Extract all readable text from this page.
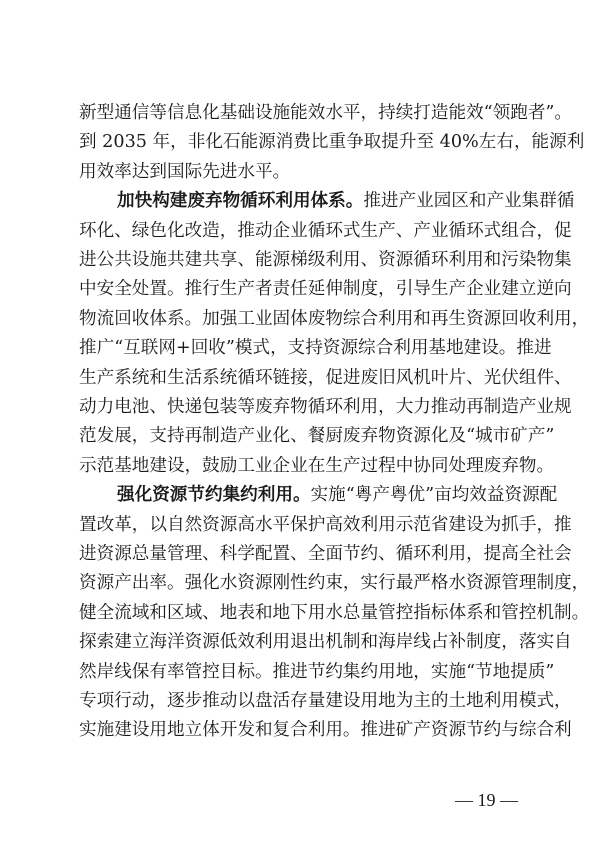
新型通信等信息化基础设施能效水平，持续打造能效“领跑者”。
到 2035 年，非化石能源消费比重争取提升至 40%左右，能源利
用效率达到国际先进水平。
加快构建废弃物循环利用体系。推进产业园区和产业集群循
环化、绿色化改造，推动企业循环式生产、产业循环式组合，促
进公共设施共建共享、能源梯级利用、资源循环利用和污染物集
中安全处置。推行生产者责任延伸制度，引导生产企业建立逆向
物流回收体系。加强工业固体废物综合利用和再生资源回收利用，
推广“互联网+回收”模式，支持资源综合利用基地建设。推进
生产系统和生活系统循环链接，促进废旧风机叶片、光伏组件、
动力电池、快递包装等废弃物循环利用，大力推动再制造产业规
范发展，支持再制造产业化、餐厨废弃物资源化及“城市矿产”
示范基地建设，鼓励工业企业在生产过程中协同处理废弃物。
强化资源节约集约利用。实施“粤产粤优”亩均效益资源配
置改革，以自然资源高水平保护高效利用示范省建设为抓手，推
进资源总量管理、科学配置、全面节约、循环利用，提高全社会
资源产出率。强化水资源刚性约束，实行最严格水资源管理制度，
健全流域和区域、地表和地下用水总量管控指标体系和管控机制。
探索建立海洋资源低效利用退出机制和海岸线占补制度，落实自
然岸线保有率管控目标。推进节约集约用地，实施“节地提质”
专项行动，逐步推动以盘活存量建设用地为主的土地利用模式，
实施建设用地立体开发和复合利用。推进矿产资源节约与综合利
— 19 —
